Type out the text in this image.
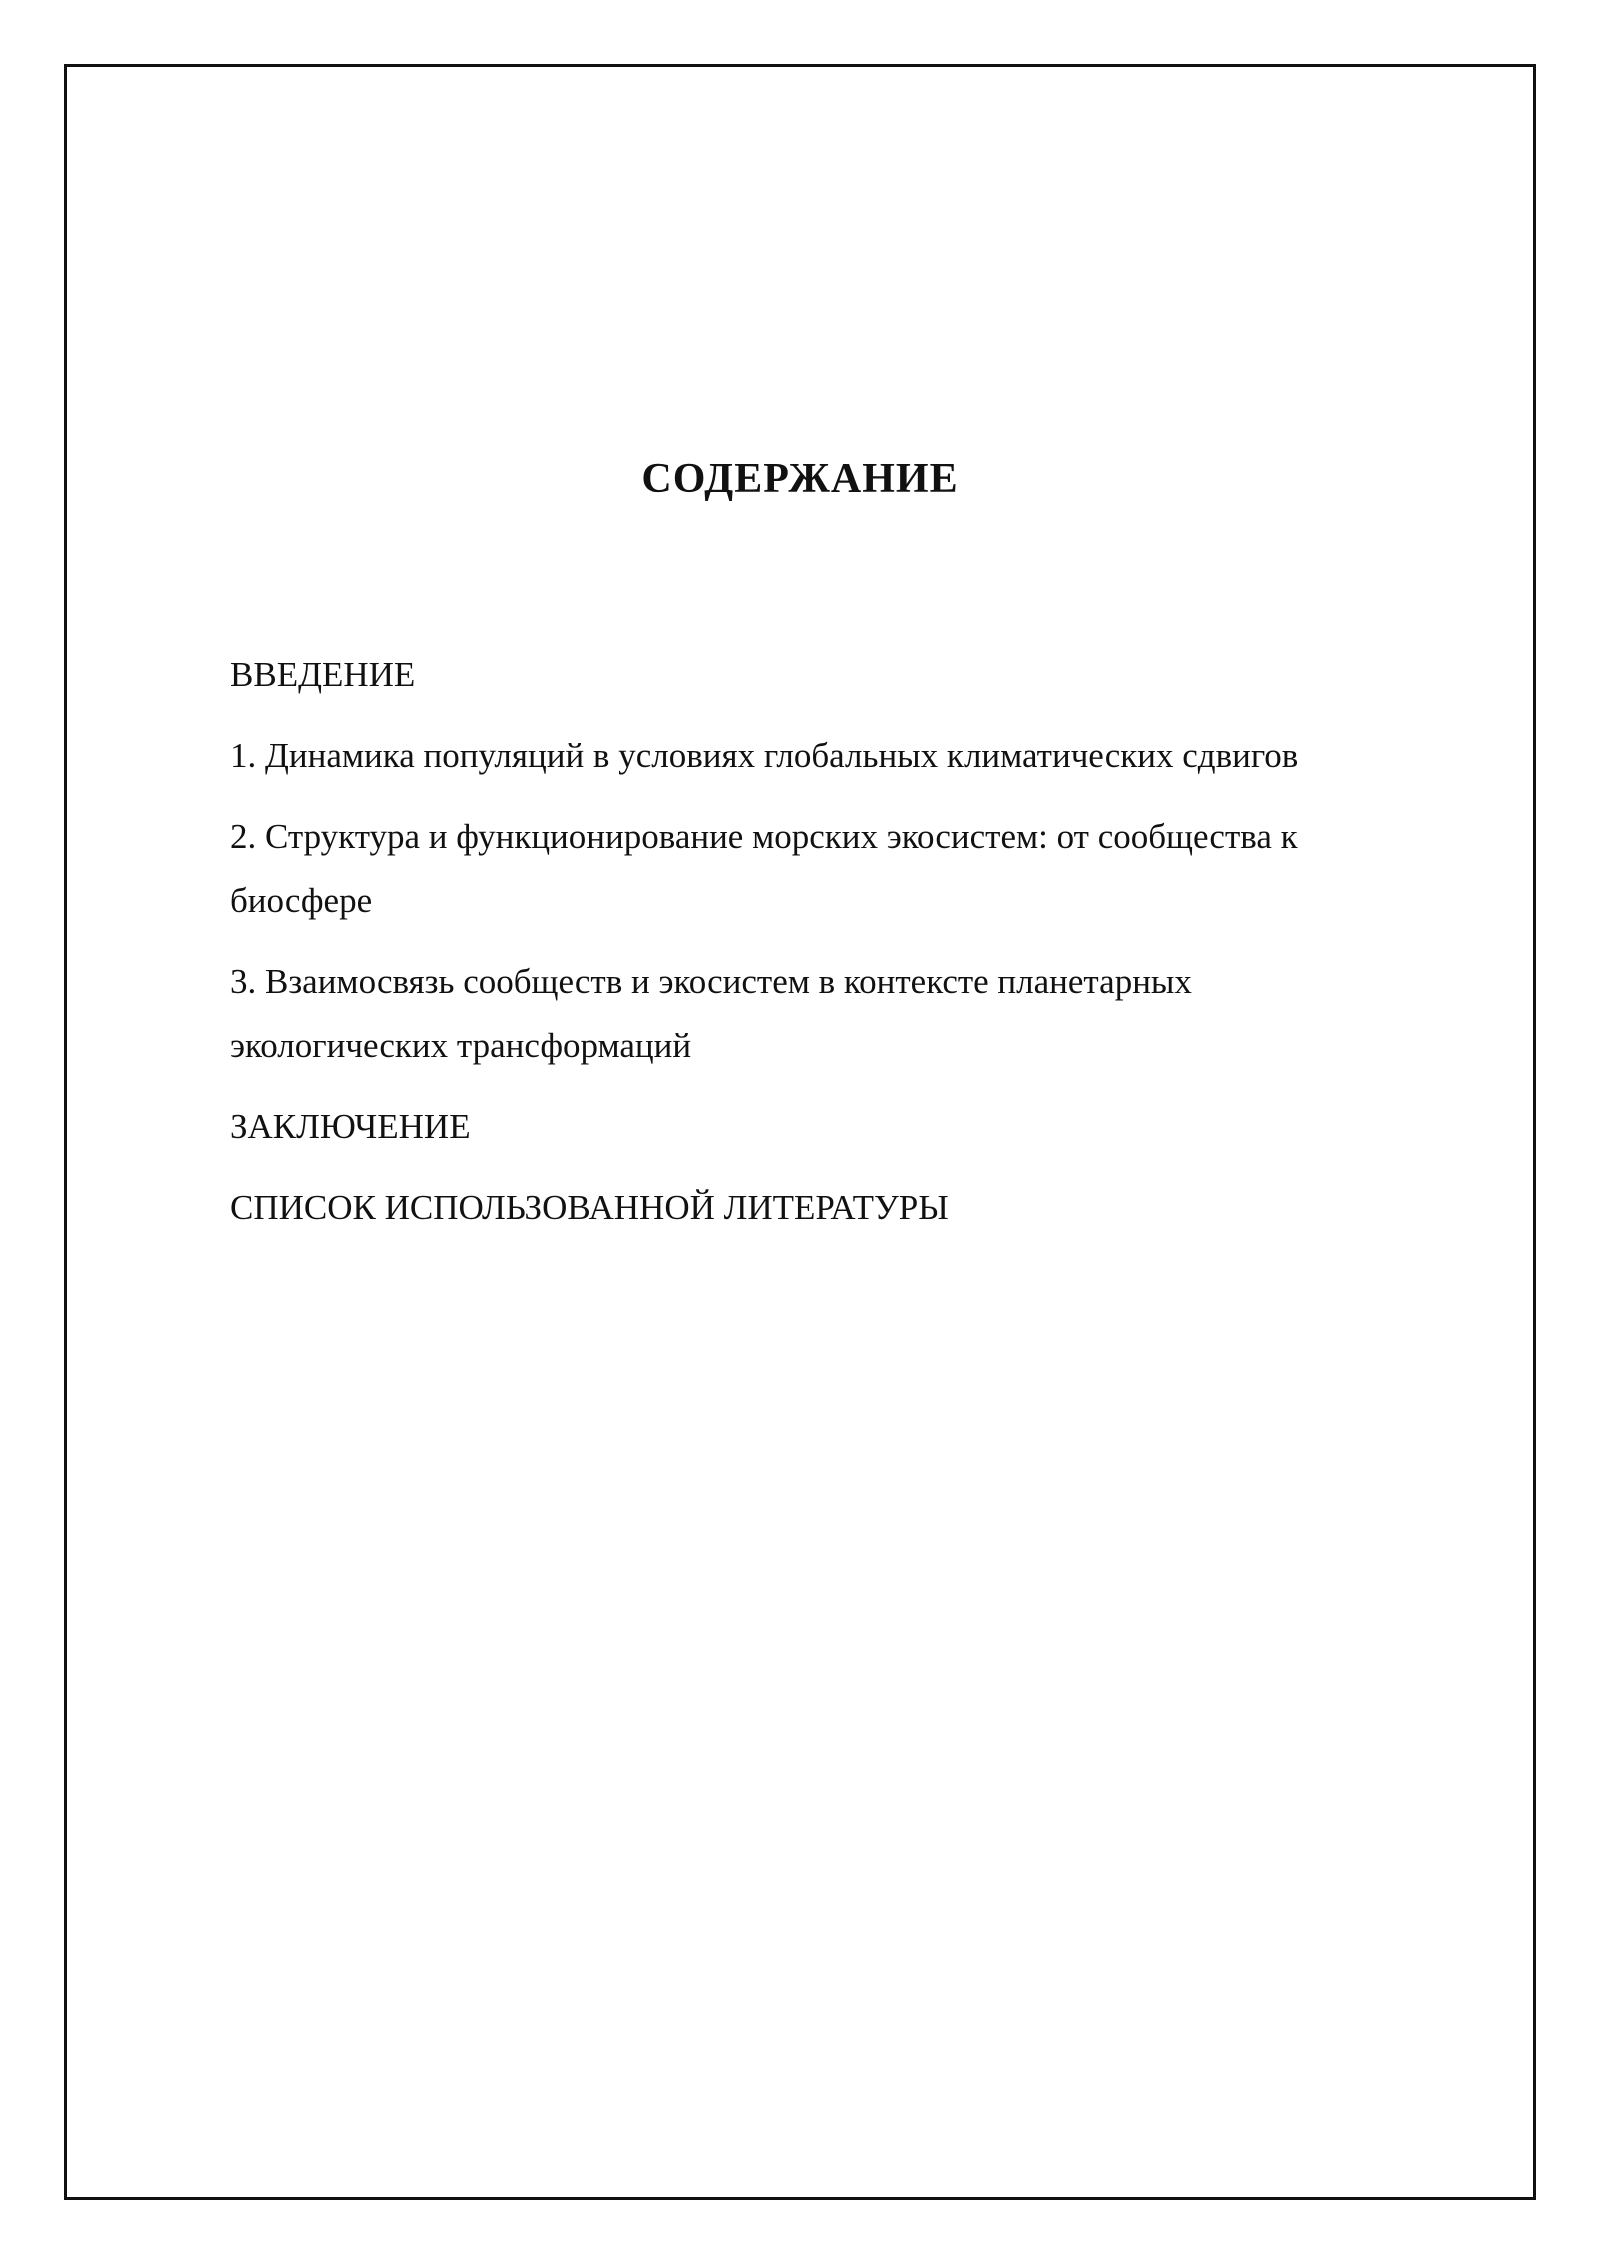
СОДЕРЖАНИЕ
ВВЕДЕНИЕ
1. Динамика популяций в условиях глобальных климатических сдвигов
2. Структура и функционирование морских экосистем: от сообщества к биосфере
3. Взаимосвязь сообществ и экосистем в контексте планетарных экологических трансформаций
ЗАКЛЮЧЕНИЕ
СПИСОК ИСПОЛЬЗОВАННОЙ ЛИТЕРАТУРЫ
